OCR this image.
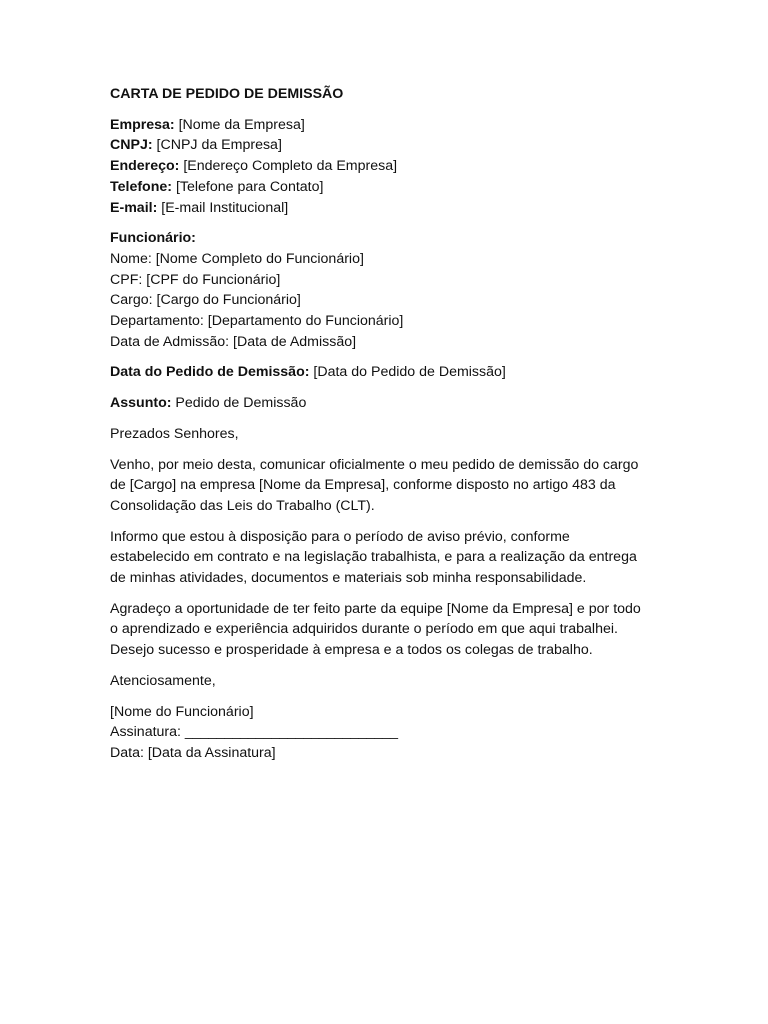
CARTA DE PEDIDO DE DEMISSÃO
Empresa: [Nome da Empresa]
CNPJ: [CNPJ da Empresa]
Endereço: [Endereço Completo da Empresa]
Telefone: [Telefone para Contato]
E-mail: [E-mail Institucional]
Funcionário:
Nome: [Nome Completo do Funcionário]
CPF: [CPF do Funcionário]
Cargo: [Cargo do Funcionário]
Departamento: [Departamento do Funcionário]
Data de Admissão: [Data de Admissão]
Data do Pedido de Demissão: [Data do Pedido de Demissão]
Assunto: Pedido de Demissão

Prezados Senhores,

Venho, por meio desta, comunicar oficialmente o meu pedido de demissão do cargo de [Cargo] na empresa [Nome da Empresa], conforme disposto no artigo 483 da Consolidação das Leis do Trabalho (CLT).

Informo que estou à disposição para o período de aviso prévio, conforme estabelecido em contrato e na legislação trabalhista, e para a realização da entrega de minhas atividades, documentos e materiais sob minha responsabilidade.

Agradeço a oportunidade de ter feito parte da equipe [Nome da Empresa] e por todo o aprendizado e experiência adquiridos durante o período em que aqui trabalhei. Desejo sucesso e prosperidade à empresa e a todos os colegas de trabalho.

Atenciosamente,

[Nome do Funcionário]
Assinatura: ___________________________
Data: [Data da Assinatura]
